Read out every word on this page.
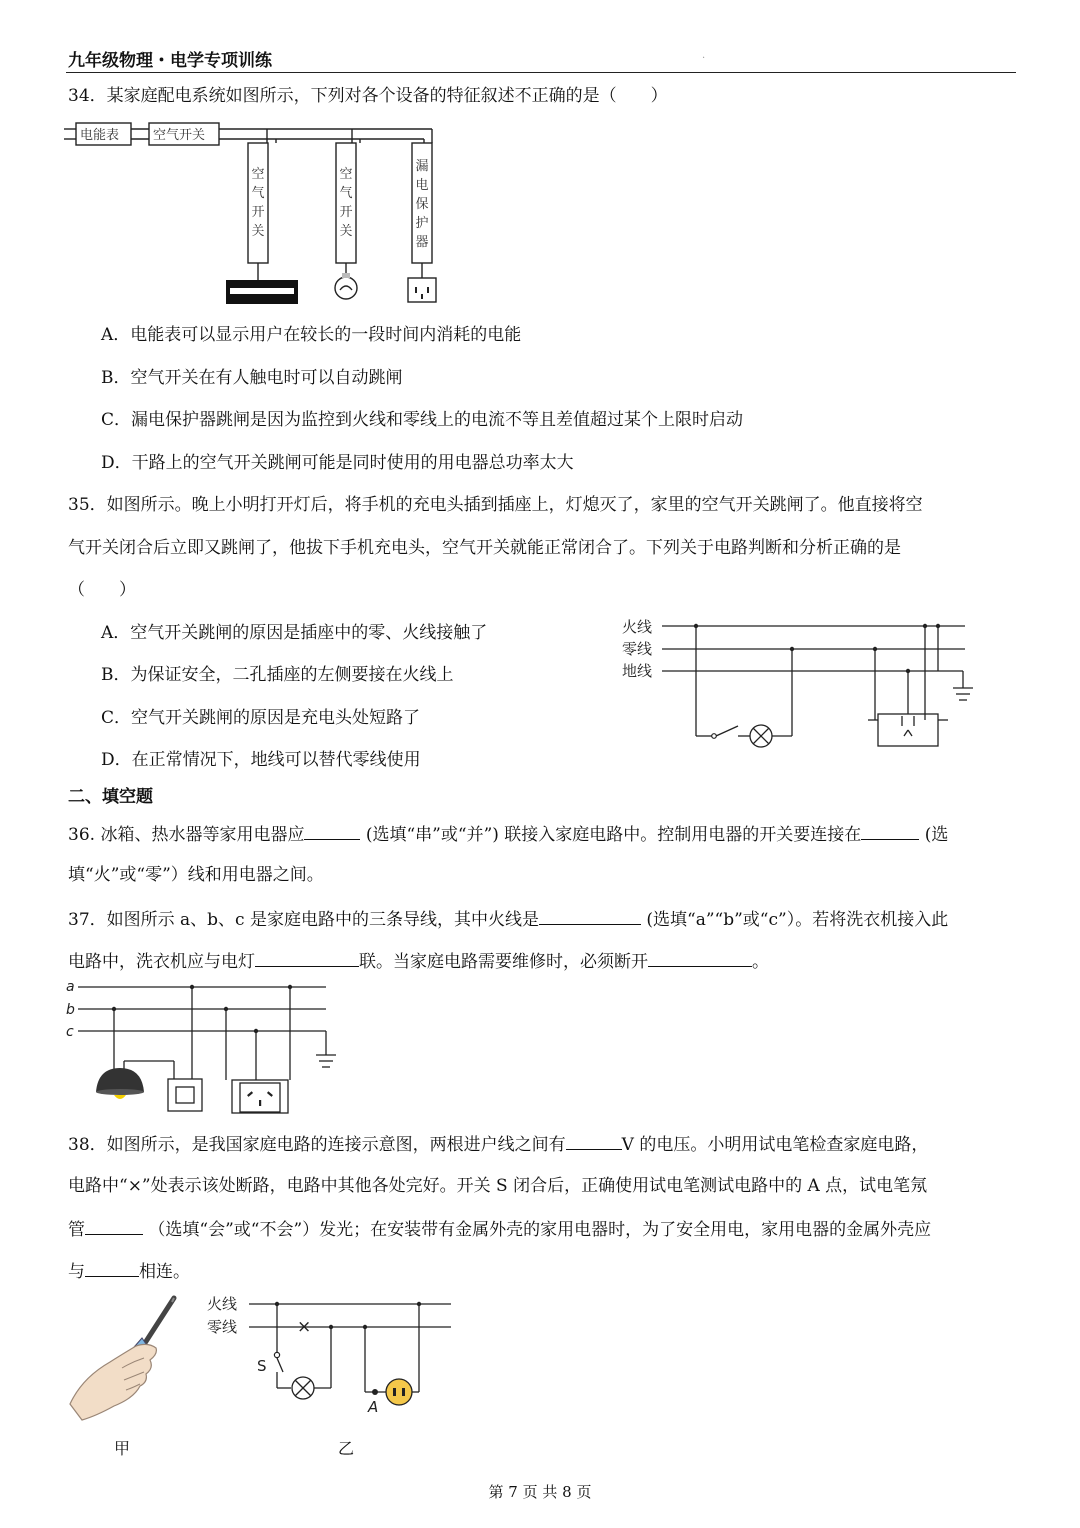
九年级物理・电学专项训练	.
34．某家庭配电系统如图所示，下列对各个设备的特征叙述不正确的是（　　）
电能表	空气开关
空
气
开
关
空
气
开
关
漏
电
保
护
器
A．电能表可以显示用户在较长的一段时间内消耗的电能
B．空气开关在有人触电时可以自动跳闸
C．漏电保护器跳闸是因为监控到火线和零线上的电流不等且差值超过某个上限时启动
D．干路上的空气开关跳闸可能是同时使用的用电器总功率太大
35．如图所示。晚上小明打开灯后，将手机的充电头插到插座上，灯熄灭了，家里的空气开关跳闸了。他直接将空
气开关闭合后立即又跳闸了，他拔下手机充电头，空气开关就能正常闭合了。下列关于电路判断和分析正确的是
（　　）
A．空气开关跳闸的原因是插座中的零、火线接触了
B．为保证安全，二孔插座的左侧要接在火线上
C．空气开关跳闸的原因是充电头处短路了
D．在正常情况下，地线可以替代零线使用
火线
零线
地线
二、填空题
36. 冰箱、热水器等家用电器应	(选填“串”或“并”) 联接入家庭电路中。控制用电器的开关要连接在	(选
填“火”或“零”）线和用电器之间。
37．如图所示 a、b、c 是家庭电路中的三条导线，其中火线是	(选填“a”“b”或“c”）。若将洗衣机接入此
电路中，洗衣机应与电灯	联。当家庭电路需要维修时，必须断开	。
a
b
c
38．如图所示，是我国家庭电路的连接示意图，两根进户线之间有	V 的电压。小明用试电笔检查家庭电路，
电路中“×”处表示该处断路，电路中其他各处完好。开关 S 闭合后，正确使用试电笔测试电路中的 A 点，试电笔氖
管	（选填“会”或“不会”）发光；在安装带有金属外壳的家用电器时，为了安全用电，家用电器的金属外壳应
与	相连。
甲
火线
零线	×
S
A
乙
第 7 页 共 8 页
